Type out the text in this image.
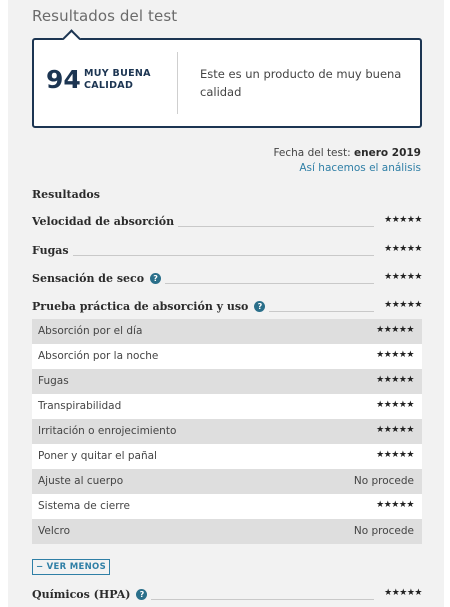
Resultados del test
94 MUY BUENA CALIDAD
Este es un producto de muy buena calidad
Fecha del test: enero 2019
Así hacemos el análisis
Resultados
Velocidad de absorción	★★★★★
Fugas	★★★★★
Sensación de seco ?	★★★★★
Prueba práctica de absorción y uso ?	★★★★★
Absorción por el día	★★★★★
Absorción por la noche	★★★★★
Fugas	★★★★★
Transpirabilidad	★★★★★
Irritación o enrojecimiento	★★★★★
Poner y quitar el pañal	★★★★★
Ajuste al cuerpo	No procede
Sistema de cierre	★★★★★
Velcro	No procede
− VER MENOS
Químicos (HPA) ?	★★★★★
